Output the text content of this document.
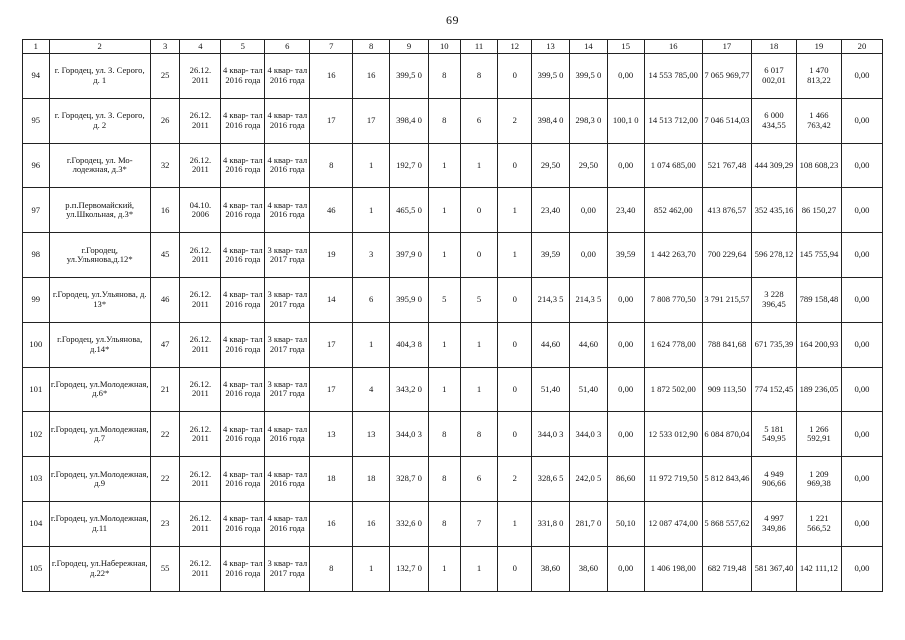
69
1	2	3	4	5	6	7	8	9	10	11	12	13	14	15	16	17	18	19	20
94	г. Городец, ул. З. Серого, д. 1	25	26.12. 2011	4 квар- тал 2016 года	4 квар- тал 2016 года	16	16	399,5 0	8	8	0	399,5 0	399,5 0	0,00	14 553 785,00	7 065 969,77	6 017 002,01	1 470 813,22	0,00
95	г. Городец, ул. З. Серого, д. 2	26	26.12. 2011	4 квар- тал 2016 года	4 квар- тал 2016 года	17	17	398,4 0	8	6	2	398,4 0	298,3 0	100,1 0	14 513 712,00	7 046 514,03	6 000 434,55	1 466 763,42	0,00
96	г.Городец, ул. Мо- лодежная, д.3*	32	26.12. 2011	4 квар- тал 2016 года	4 квар- тал 2016 года	8	1	192,7 0	1	1	0	29,50	29,50	0,00	1 074 685,00	521 767,48	444 309,29	108 608,23	0,00
97	р.п.Первомайский, ул.Школьная, д.3*	16	04.10. 2006	4 квар- тал 2016 года	4 квар- тал 2016 года	46	1	465,5 0	1	0	1	23,40	0,00	23,40	852 462,00	413 876,57	352 435,16	86 150,27	0,00
98	г.Городец, ул.Ульянова,д.12*	45	26.12. 2011	4 квар- тал 2016 года	3 квар- тал 2017 года	19	3	397,9 0	1	0	1	39,59	0,00	39,59	1 442 263,70	700 229,64	596 278,12	145 755,94	0,00
99	г.Городец, ул.Ульянова, д. 13*	46	26.12. 2011	4 квар- тал 2016 года	3 квар- тал 2017 года	14	6	395,9 0	5	5	0	214,3 5	214,3 5	0,00	7 808 770,50	3 791 215,57	3 228 396,45	789 158,48	0,00
100	г.Городец, ул.Ульянова, д.14*	47	26.12. 2011	4 квар- тал 2016 года	3 квар- тал 2017 года	17	1	404,3 8	1	1	0	44,60	44,60	0,00	1 624 778,00	788 841,68	671 735,39	164 200,93	0,00
101	г.Городец, ул.Молодежная, д.6*	21	26.12. 2011	4 квар- тал 2016 года	3 квар- тал 2017 года	17	4	343,2 0	1	1	0	51,40	51,40	0,00	1 872 502,00	909 113,50	774 152,45	189 236,05	0,00
102	г.Городец, ул.Молодежная, д.7	22	26.12. 2011	4 квар- тал 2016 года	4 квар- тал 2016 года	13	13	344,0 3	8	8	0	344,0 3	344,0 3	0,00	12 533 012,90	6 084 870,04	5 181 549,95	1 266 592,91	0,00
103	г.Городец, ул.Молодежная, д.9	22	26.12. 2011	4 квар- тал 2016 года	4 квар- тал 2016 года	18	18	328,7 0	8	6	2	328,6 5	242,0 5	86,60	11 972 719,50	5 812 843,46	4 949 906,66	1 209 969,38	0,00
104	г.Городец, ул.Молодежная, д.11	23	26.12. 2011	4 квар- тал 2016 года	4 квар- тал 2016 года	16	16	332,6 0	8	7	1	331,8 0	281,7 0	50,10	12 087 474,00	5 868 557,62	4 997 349,86	1 221 566,52	0,00
105	г.Городец, ул.Набережная, д.22*	55	26.12. 2011	4 квар- тал 2016 года	3 квар- тал 2017 года	8	1	132,7 0	1	1	0	38,60	38,60	0,00	1 406 198,00	682 719,48	581 367,40	142 111,12	0,00
